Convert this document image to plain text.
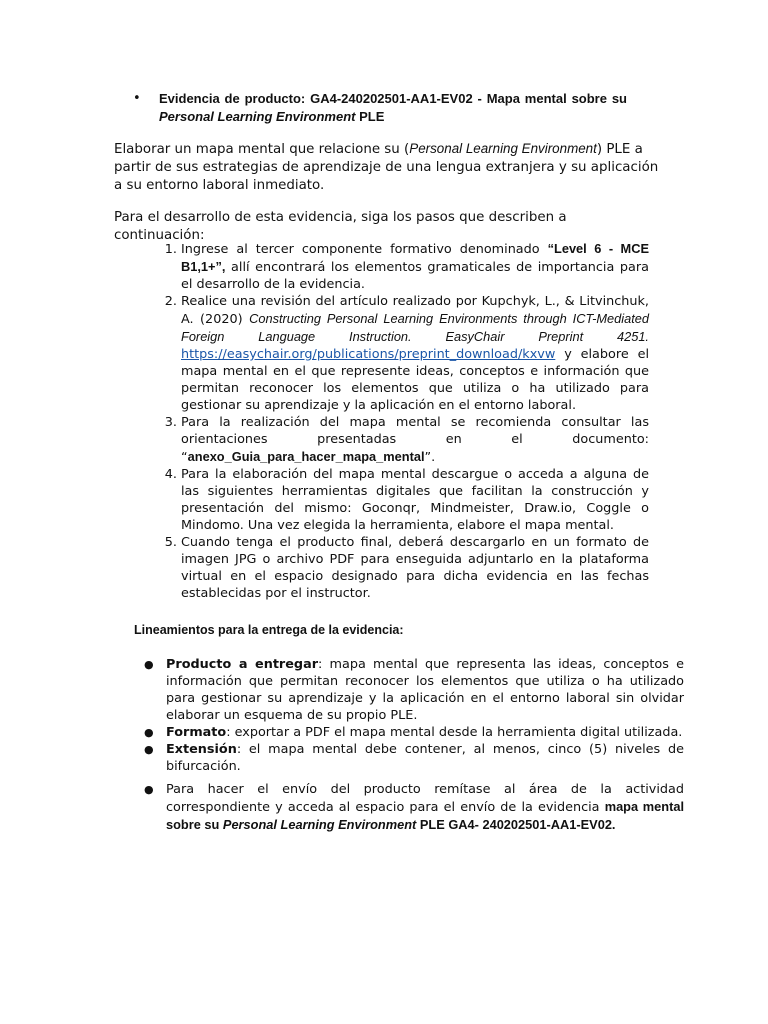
• Evidencia de producto: GA4-240202501-AA1-EV02 - Mapa mental sobre su Personal Learning Environment PLE
Elaborar un mapa mental que relacione su (Personal Learning Environment) PLE a partir de sus estrategias de aprendizaje de una lengua extranjera y su aplicación a su entorno laboral inmediato.
Para el desarrollo de esta evidencia, siga los pasos que describen a continuación:
1. Ingrese al tercer componente formativo denominado “Level 6 - MCE B1,1+”, allí encontrará los elementos gramaticales de importancia para el desarrollo de la evidencia.
2. Realice una revisión del artículo realizado por Kupchyk, L., & Litvinchuk, A. (2020) Constructing Personal Learning Environments through ICT-Mediated Foreign Language Instruction. EasyChair Preprint 4251. https://easychair.org/publications/preprint_download/kxvw y elabore el mapa mental en el que represente ideas, conceptos e información que permitan reconocer los elementos que utiliza o ha utilizado para gestionar su aprendizaje y la aplicación en el entorno laboral.
3. Para la realización del mapa mental se recomienda consultar las orientaciones presentadas en el documento: “anexo_Guia_para_hacer_mapa_mental”.
4. Para la elaboración del mapa mental descargue o acceda a alguna de las siguientes herramientas digitales que facilitan la construcción y presentación del mismo: Goconqr, Mindmeister, Draw.io, Coggle o Mindomo. Una vez elegida la herramienta, elabore el mapa mental.
5. Cuando tenga el producto final, deberá descargarlo en un formato de imagen JPG o archivo PDF para enseguida adjuntarlo en la plataforma virtual en el espacio designado para dicha evidencia en las fechas establecidas por el instructor.
Lineamientos para la entrega de la evidencia:
● Producto a entregar: mapa mental que representa las ideas, conceptos e información que permitan reconocer los elementos que utiliza o ha utilizado para gestionar su aprendizaje y la aplicación en el entorno laboral sin olvidar elaborar un esquema de su propio PLE.
● Formato: exportar a PDF el mapa mental desde la herramienta digital utilizada.
● Extensión: el mapa mental debe contener, al menos, cinco (5) niveles de bifurcación.
● Para hacer el envío del producto remítase al área de la actividad correspondiente y acceda al espacio para el envío de la evidencia mapa mental sobre su Personal Learning Environment PLE GA4- 240202501-AA1-EV02.
